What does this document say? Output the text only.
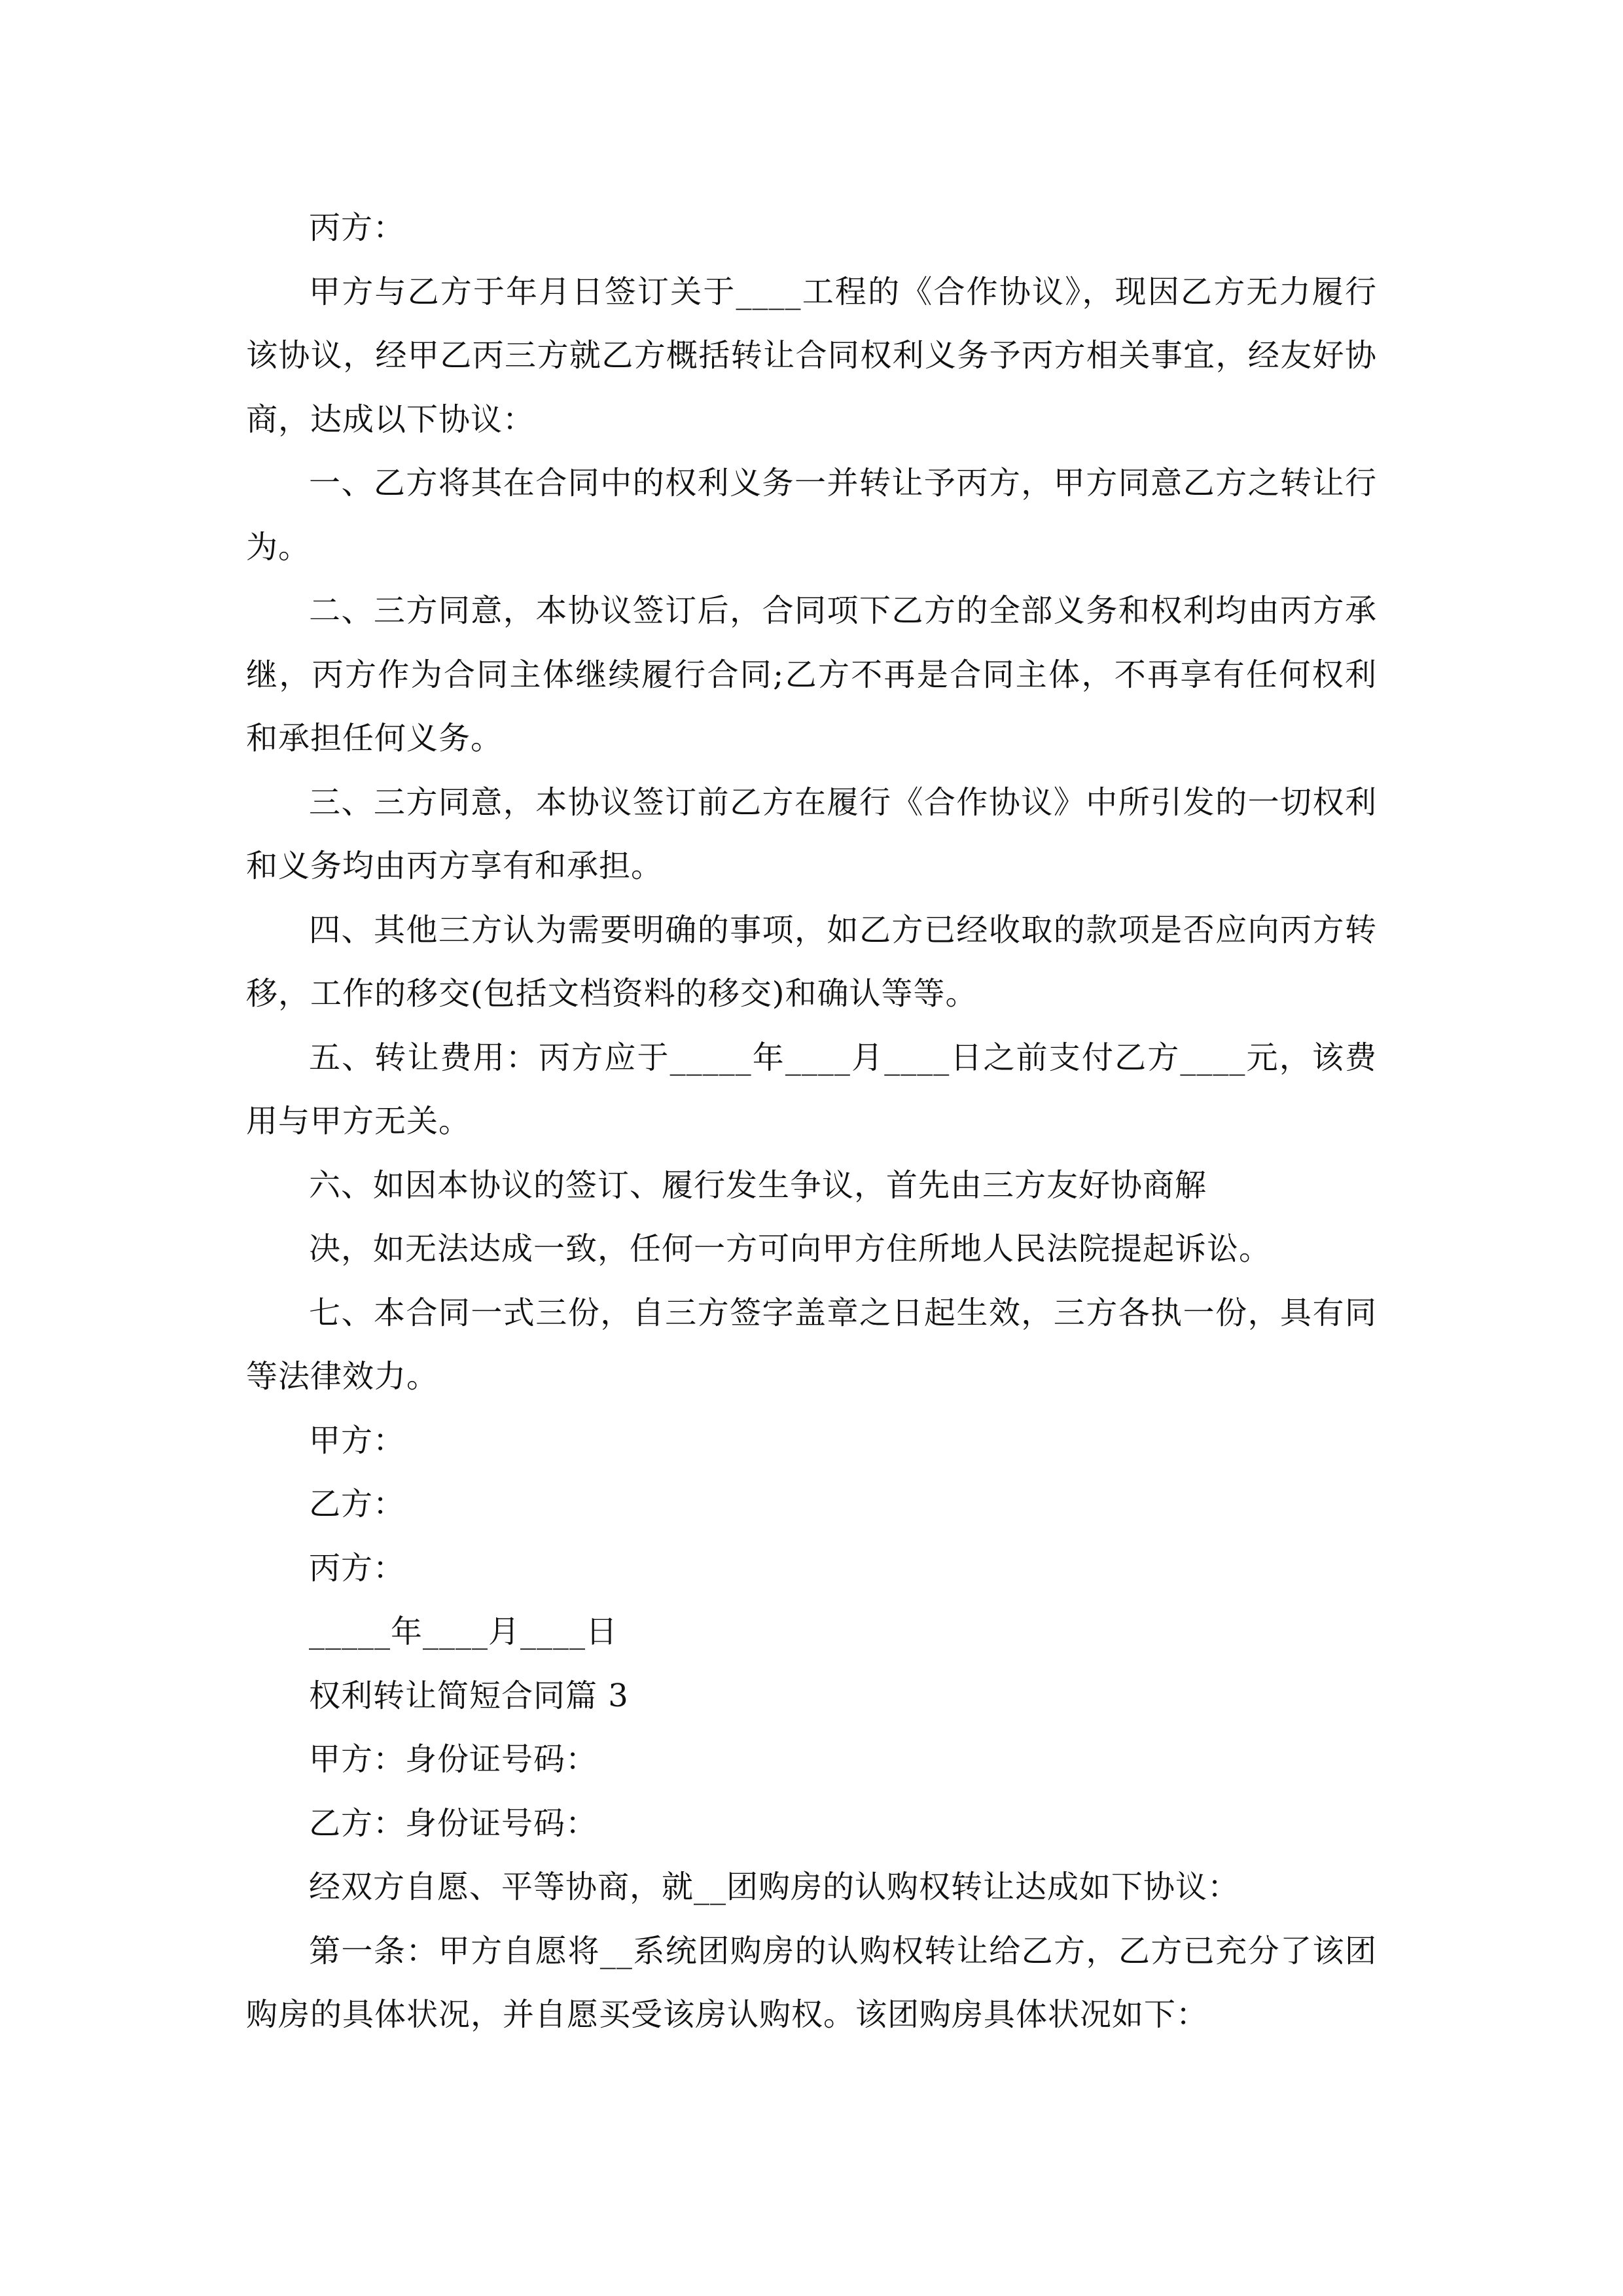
丙方：

甲方与乙方于年月日签订关于____工程的《合作协议》，现因乙方无力履行该协议，经甲乙丙三方就乙方概括转让合同权利义务予丙方相关事宜，经友好协商，达成以下协议：

一、乙方将其在合同中的权利义务一并转让予丙方，甲方同意乙方之转让行为。

二、三方同意，本协议签订后，合同项下乙方的全部义务和权利均由丙方承继，丙方作为合同主体继续履行合同;乙方不再是合同主体，不再享有任何权利和承担任何义务。

三、三方同意，本协议签订前乙方在履行《合作协议》中所引发的一切权利和义务均由丙方享有和承担。

四、其他三方认为需要明确的事项，如乙方已经收取的款项是否应向丙方转移，工作的移交(包括文档资料的移交)和确认等等。

五、转让费用：丙方应于_____年____月____日之前支付乙方____元，该费用与甲方无关。

六、如因本协议的签订、履行发生争议，首先由三方友好协商解

决，如无法达成一致，任何一方可向甲方住所地人民法院提起诉讼。

七、本合同一式三份，自三方签字盖章之日起生效，三方各执一份，具有同等法律效力。

甲方：

乙方：

丙方：

_____年____月____日

权利转让简短合同篇 3

甲方：身份证号码：

乙方：身份证号码：

经双方自愿、平等协商，就__团购房的认购权转让达成如下协议：

第一条：甲方自愿将__系统团购房的认购权转让给乙方，乙方已充分了该团购房的具体状况，并自愿买受该房认购权。该团购房具体状况如下：
